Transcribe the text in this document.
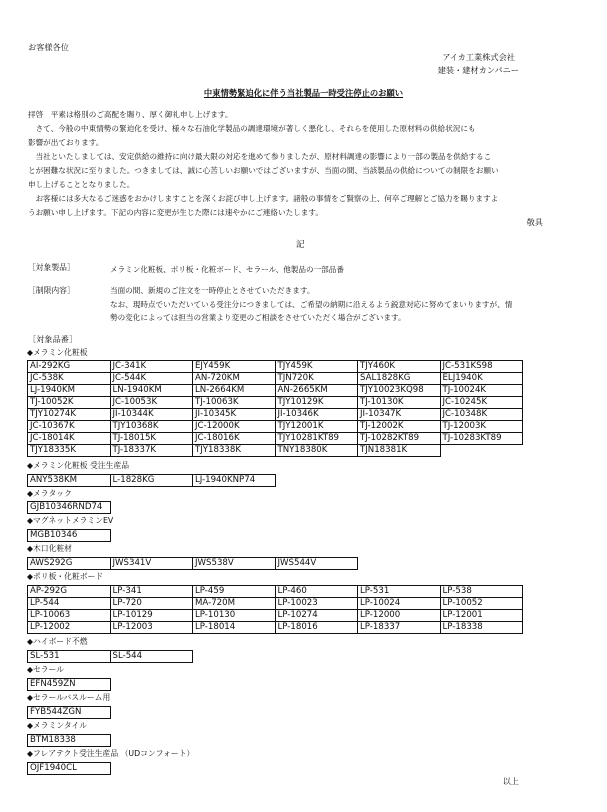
お客様各位
アイカ工業株式会社
建装・建材カンパニー
中東情勢緊迫化に伴う当社製品一時受注停止のお願い

拝啓　平素は格別のご高配を賜り、厚く御礼申し上げます。

　さて、今般の中東情勢の緊迫化を受け、様々な石油化学製品の調達環境が著しく悪化し、それらを使用した原材料の供給状況にも

影響が出ております。

　当社といたしましては、安定供給の維持に向け最大限の対応を進めて参りましたが、原材料調達の影響により一部の製品を供給するこ

とが困難な状況に至りました。つきましては、誠に心苦しいお願いではございますが、当面の間、当該製品の供給についての制限をお願い

申し上げることとなりました。

　お客様には多大なるご迷惑をおかけしますことを深くお詫び申し上げます。諸般の事情をご賢察の上、何卒ご理解とご協力を賜りますよ

うお願い申し上げます。下記の内容に変更が生じた際には速やかにご連絡いたします。

敬具
記
［対象製品］	メラミン化粧板、ポリ板・化粧ボード、セラール、他製品の一部品番
［制限内容］	当面の間、新規のご注文を一時停止とさせていただきます。
なお、現時点でいただいている受注分につきましては、ご希望の納期に沿えるよう鋭意対応に努めてまいりますが、情
勢の変化によっては担当の営業より変更のご相談をさせていただく場合がございます。
［対象品番］
◆メラミン化粧板
AI-292KG	JC-341K	EJY459K	TJY459K	TJY460K	JC-531KS98
JC-538K	JC-544K	AN-720KM	TJN720K	SAL1828KG	ELJ1940K
LJ-1940KM	LN-1940KM	LN-2664KM	AN-2665KM	TJY10023KQ98	TJ-10024K
TJ-10052K	JC-10053K	TJ-10063K	TJY10129K	TJ-10130K	JC-10245K
TJY10274K	JI-10344K	JI-10345K	JI-10346K	JI-10347K	JC-10348K
JC-10367K	TJY10368K	JC-12000K	TJY12001K	TJ-12002K	TJ-12003K
JC-18014K	TJ-18015K	JC-18016K	TJY10281KT89	TJ-10282KT89	TJ-10283KT89
TJY18335K	TJ-18337K	TJY18338K	TNY18380K	TJN18381K
◆メラミン化粧板 受注生産品
ANY538KM	L-1828KG	LJ-1940KNP74
◆メラタック
GJB10346RND74
◆マグネットメラミンEV
MGB10346
◆木口化粧材
AWS292G	JWS341V	JWS538V	JWS544V
◆ポリ板・化粧ボード
AP-292G	LP-341	LP-459	LP-460	LP-531	LP-538
LP-544	LP-720	MA-720M	LP-10023	LP-10024	LP-10052
LP-10063	LP-10129	LP-10130	LP-10274	LP-12000	LP-12001
LP-12002	LP-12003	LP-18014	LP-18016	LP-18337	LP-18338
◆ハイボード不燃
SL-531	SL-544
◆セラール
EFN459ZN
◆セラールバスルーム用
FYB544ZGN
◆メラミンタイル
BTM18338
◆フレアテクト受注生産品 （UDコンフォート）
OJF1940CL
以上
